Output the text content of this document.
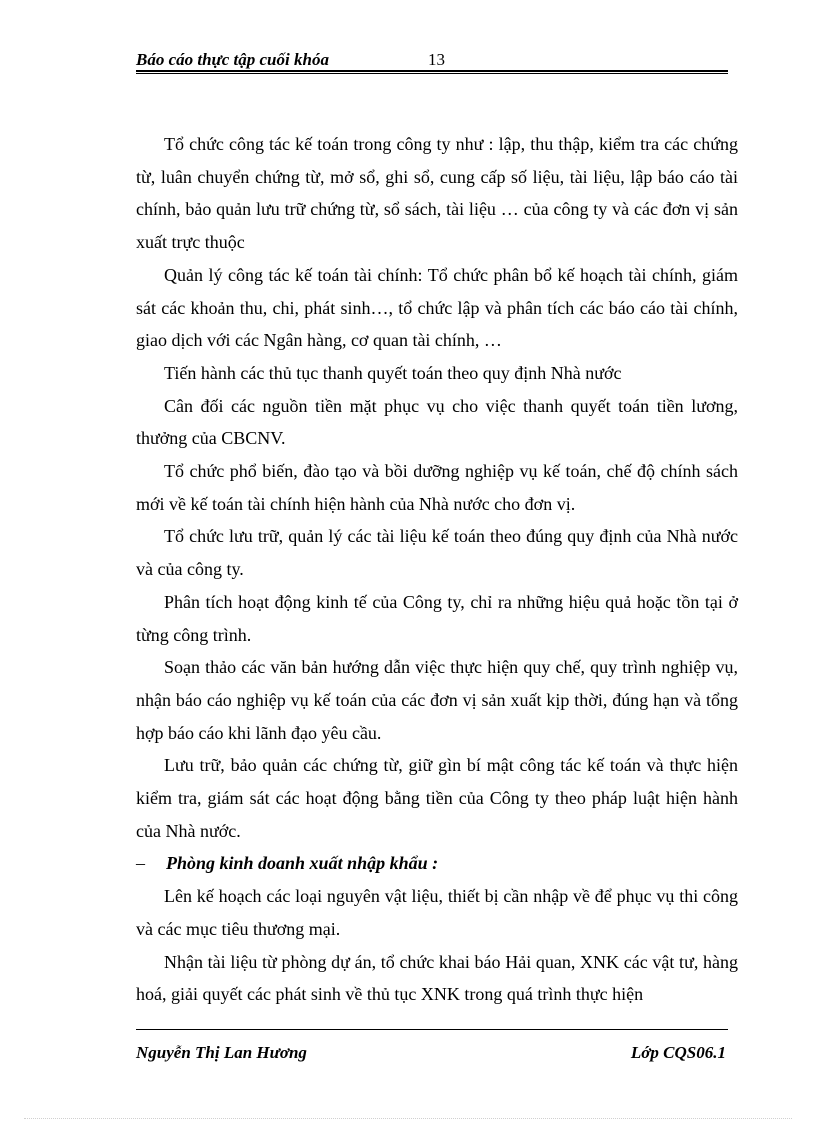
Báo cáo thực tập cuối khóa	13

Tổ chức công tác kế toán trong công ty như : lập, thu thập, kiểm tra các chứng từ, luân chuyển chứng từ, mở sổ, ghi sổ, cung cấp số liệu, tài liệu, lập báo cáo tài chính, bảo quản lưu trữ chứng từ, sổ sách, tài liệu … của công ty và các đơn vị sản xuất trực thuộc

Quản lý công tác kế toán tài chính: Tổ chức phân bổ kế hoạch tài chính, giám sát các khoản thu, chi, phát sinh…, tổ chức lập và phân tích các báo cáo tài chính, giao dịch với các Ngân hàng, cơ quan tài chính, …

Tiến hành các thủ tục thanh quyết toán theo quy định Nhà nước

Cân đối các nguồn tiền mặt phục vụ cho việc thanh quyết toán tiền lương, thưởng của CBCNV.

Tổ chức phổ biến, đào tạo và bồi dưỡng nghiệp vụ kế toán, chế độ chính sách mới về kế toán tài chính hiện hành của Nhà nước cho đơn vị.

Tổ chức lưu trữ, quản lý các tài liệu kế toán theo đúng quy định của Nhà nước và của công ty.

Phân tích hoạt động kinh tế của Công ty, chỉ ra những hiệu quả hoặc tồn tại ở từng công trình.

Soạn thảo các văn bản hướng dẫn việc thực hiện quy chế, quy trình nghiệp vụ, nhận báo cáo nghiệp vụ kế toán của các đơn vị sản xuất kịp thời, đúng hạn và tổng hợp báo cáo khi lãnh đạo yêu cầu.

Lưu trữ, bảo quản các chứng từ, giữ gìn bí mật công tác kế toán và thực hiện kiểm tra, giám sát các hoạt động bằng tiền của Công ty theo pháp luật hiện hành của Nhà nước.

– Phòng kinh doanh xuất nhập khẩu :

Lên kế hoạch các loại nguyên vật liệu, thiết bị cần nhập về để phục vụ thi công và các mục tiêu thương mại.

Nhận tài liệu từ phòng dự án, tổ chức khai báo Hải quan, XNK các vật tư, hàng hoá, giải quyết các phát sinh về thủ tục XNK trong quá trình thực hiện

Nguyễn Thị Lan Hương	Lớp CQS06.1
